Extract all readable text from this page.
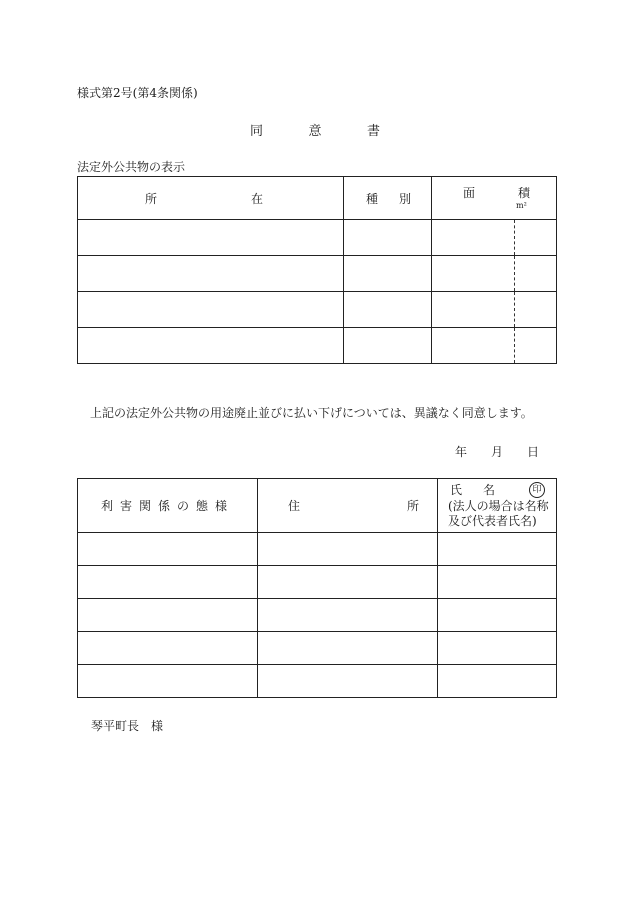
様式第2号(第4条関係)
同	意	書
法定外公共物の表示
所 在	種 別	面 積
m²

上記の法定外公共物の用途廃止並びに払い下げについては、異議なく同意します。
年 月 日
利害関係の態様	住 所	氏 名 印
(法人の場合は名称
及び代表者氏名)

琴平町長　様
